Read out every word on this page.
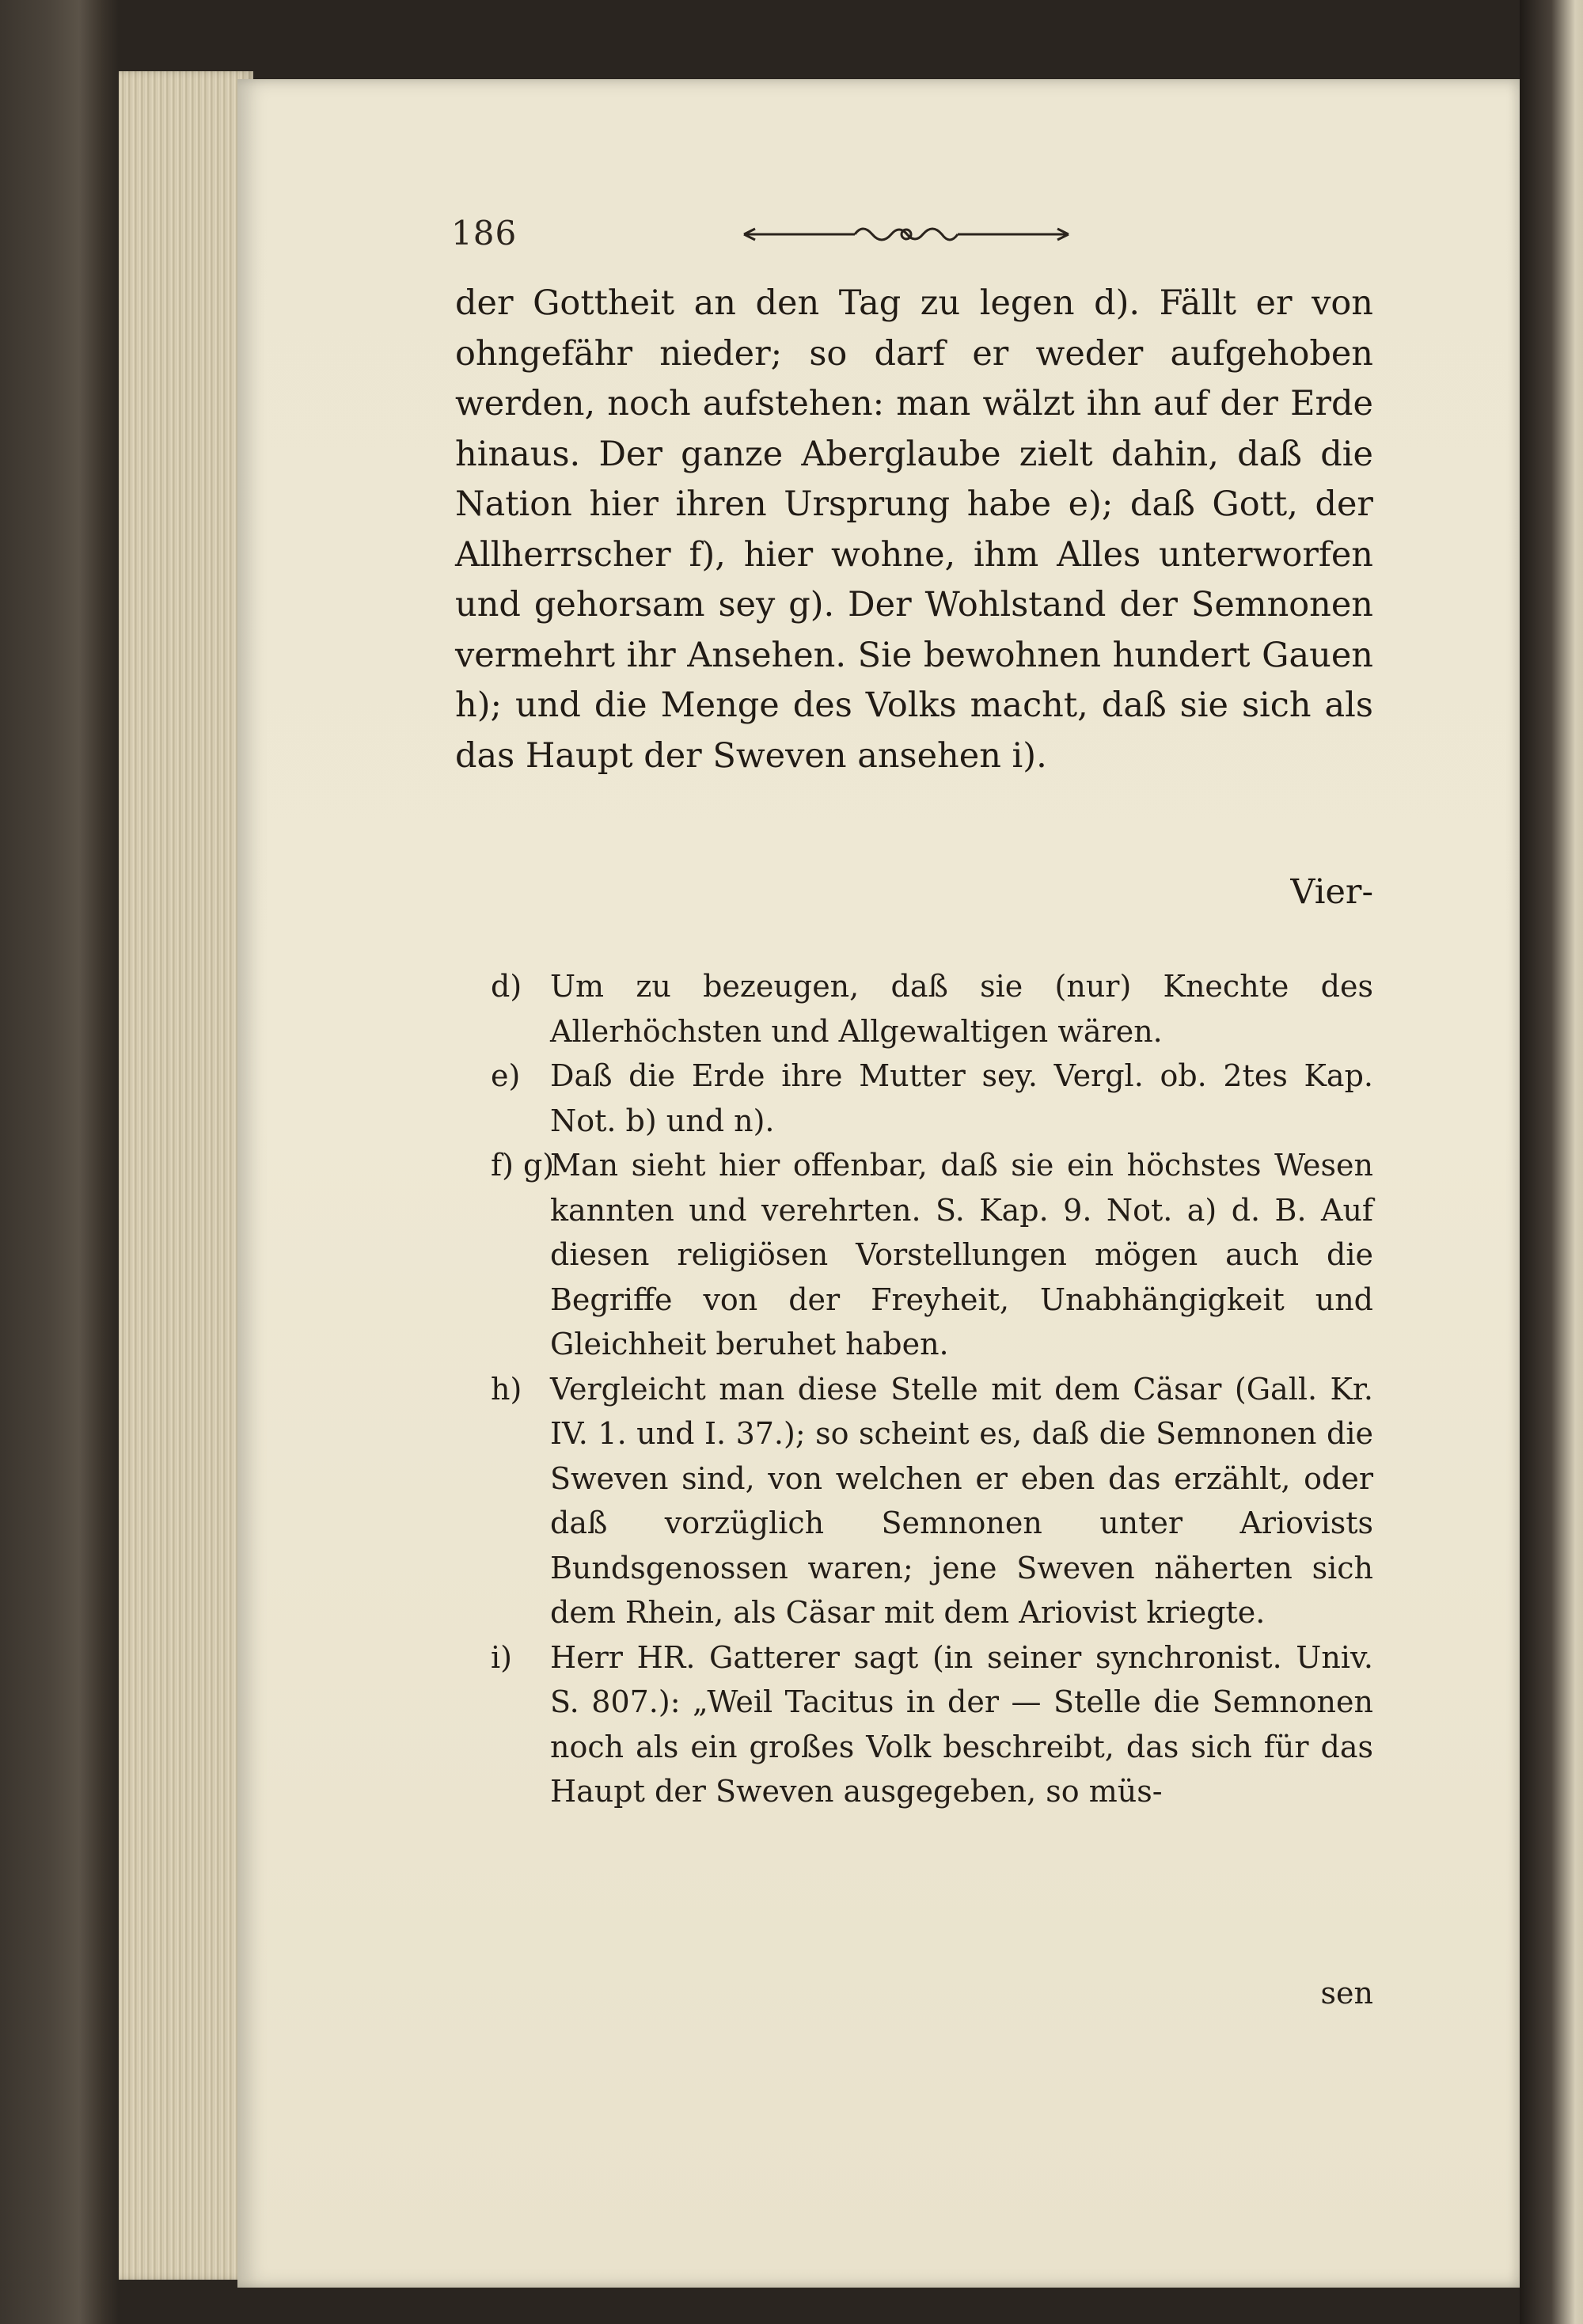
186

der Gottheit an den Tag zu legen d). Fällt er von ohngefähr nieder; so darf er weder aufgehoben werden, noch aufstehen: man wälzt ihn auf der Erde hinaus. Der ganze Aberglaube zielt dahin, daß die Nation hier ihren Ursprung habe e); daß Gott, der Allherrscher f), hier wohne, ihm Alles unterworfen und gehorsam sey g). Der Wohlstand der Semnonen vermehrt ihr Ansehen. Sie bewohnen hundert Gauen h); und die Menge des Volks macht, daß sie sich als das Haupt der Sweven ansehen i).

Vier-

d) Um zu bezeugen, daß sie (nur) Knechte des Allerhöchsten und Allgewaltigen wären.

e) Daß die Erde ihre Mutter sey. Vergl. ob. 2tes Kap. Not. b) und n).

f) g)
Man sieht hier offenbar, daß sie ein höchstes Wesen kannten und verehrten. S. Kap. 9. Not. a) d. B. Auf diesen religiösen Vorstellungen mögen auch die Begriffe von der Freyheit, Unabhängigkeit und Gleichheit beruhet haben.

h) Vergleicht man diese Stelle mit dem Cäsar (Gall. Kr. IV. 1. und I. 37.); so scheint es, daß die Semnonen die Sweven sind, von welchen er eben das erzählt, oder daß vorzüglich Semnonen unter Ariovists Bundsgenossen waren; jene Sweven näherten sich dem Rhein, als Cäsar mit dem Ariovist kriegte.

i) Herr HR. Gatterer sagt (in seiner synchronist. Univ. S. 807.): „Weil Tacitus in der — Stelle die Semnonen noch als ein großes Volk beschreibt, das sich für das Haupt der Sweven ausgegeben, so müs-

sen
